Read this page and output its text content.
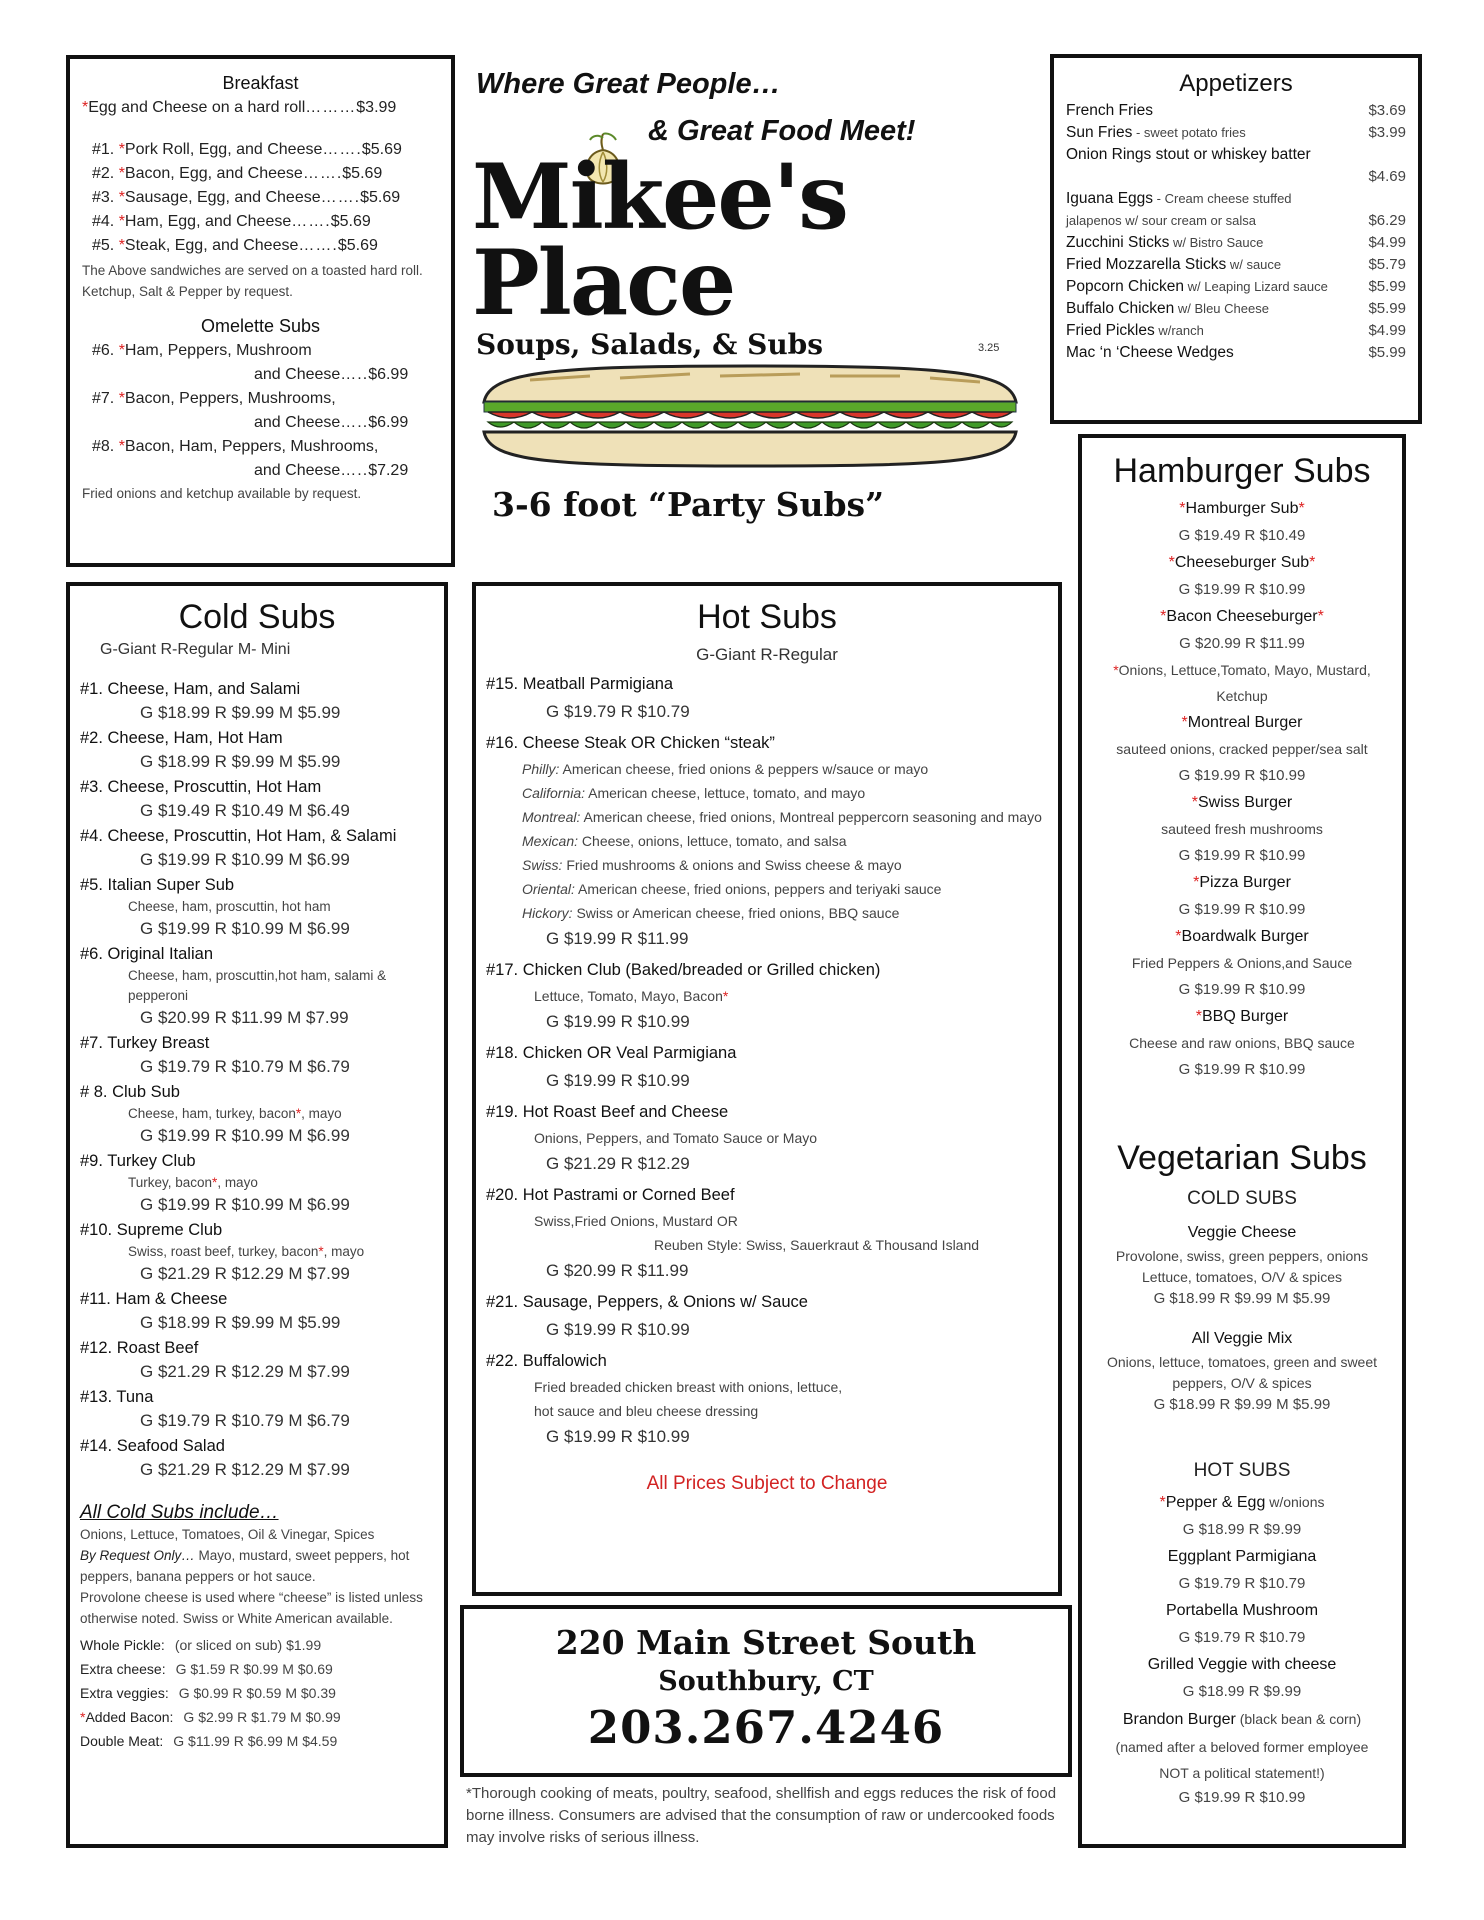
Breakfast
*Egg and Cheese on a hard roll………$3.99
#1. *Pork Roll, Egg, and Cheese…….$5.69
#2. *Bacon, Egg, and Cheese…….$5.69
#3. *Sausage, Egg, and Cheese…….$5.69
#4. *Ham, Egg, and Cheese…….$5.69
#5. *Steak, Egg, and Cheese…….$5.69
The Above sandwiches are served on a toasted hard roll. Ketchup, Salt & Pepper by request.
Omelette Subs
#6. *Ham, Peppers, Mushroom
and Cheese…..$6.99
#7. *Bacon, Peppers, Mushrooms,
and Cheese…..$6.99
#8. *Bacon, Ham, Peppers, Mushrooms,
and Cheese…..$7.29
Fried onions and ketchup available by request.
Where Great People…
& Great Food Meet!
Mikee's
Place
Soups, Salads, & Subs	3.25
3-6 foot “Party Subs”
Appetizers
French Fries	$3.69
Sun Fries - sweet potato fries	$3.99
Onion Rings stout or whiskey batter
$4.69
Iguana Eggs - Cream cheese stuffed jalapenos w/ sour cream or salsa	$6.29
Zucchini Sticks w/ Bistro Sauce	$4.99
Fried Mozzarella Sticks w/ sauce	$5.79
Popcorn Chicken w/ Leaping Lizard sauce	$5.99
Buffalo Chicken w/ Bleu Cheese	$5.99
Fried Pickles w/ranch	$4.99
Mac ‘n ‘Cheese Wedges	$5.99
Hamburger Subs
*Hamburger Sub*
G $19.49 R $10.49
*Cheeseburger Sub*
G $19.99 R $10.99
*Bacon Cheeseburger*
G $20.99 R $11.99
*Onions, Lettuce,Tomato, Mayo, Mustard, Ketchup
*Montreal Burger
sauteed onions, cracked pepper/sea salt
G $19.99 R $10.99
*Swiss Burger
sauteed fresh mushrooms
G $19.99 R $10.99
*Pizza Burger
G $19.99 R $10.99
*Boardwalk Burger
Fried Peppers & Onions,and Sauce
G $19.99 R $10.99
*BBQ Burger
Cheese and raw onions, BBQ sauce
G $19.99 R $10.99
Vegetarian Subs
COLD SUBS
Veggie Cheese
Provolone, swiss, green peppers, onions Lettuce, tomatoes, O/V & spices
G $18.99 R $9.99 M $5.99
All Veggie Mix
Onions, lettuce, tomatoes, green and sweet peppers, O/V & spices
G $18.99 R $9.99 M $5.99
HOT SUBS
*Pepper & Egg w/onions
G $18.99 R $9.99
Eggplant Parmigiana
G $19.79 R $10.79
Portabella Mushroom
G $19.79 R $10.79
Grilled Veggie with cheese
G $18.99 R $9.99
Brandon Burger (black bean & corn)
(named after a beloved former employee NOT a political statement!)
G $19.99 R $10.99
Cold Subs
G-Giant R-Regular M- Mini
#1. Cheese, Ham, and Salami
G $18.99 R $9.99 M $5.99
#2. Cheese, Ham, Hot Ham
G $18.99 R $9.99 M $5.99
#3. Cheese, Proscuttin, Hot Ham
G $19.49 R $10.49 M $6.49
#4. Cheese, Proscuttin, Hot Ham, & Salami
G $19.99 R $10.99 M $6.99
#5. Italian Super Sub
Cheese, ham, proscuttin, hot ham
G $19.99 R $10.99 M $6.99
#6. Original Italian
Cheese, ham, proscuttin,hot ham, salami & pepperoni
G $20.99 R $11.99 M $7.99
#7. Turkey Breast
G $19.79 R $10.79 M $6.79
# 8. Club Sub
Cheese, ham, turkey, bacon*, mayo
G $19.99 R $10.99 M $6.99
#9. Turkey Club
Turkey, bacon*, mayo
G $19.99 R $10.99 M $6.99
#10. Supreme Club
Swiss, roast beef, turkey, bacon*, mayo
G $21.29 R $12.29 M $7.99
#11. Ham & Cheese
G $18.99 R $9.99 M $5.99
#12. Roast Beef
G $21.29 R $12.29 M $7.99
#13. Tuna
G $19.79 R $10.79 M $6.79
#14. Seafood Salad
G $21.29 R $12.29 M $7.99
All Cold Subs include…
Onions, Lettuce, Tomatoes, Oil & Vinegar, Spices
By Request Only… Mayo, mustard, sweet peppers, hot peppers, banana peppers or hot sauce.
Provolone cheese is used where “cheese” is listed unless otherwise noted. Swiss or White American available.
Whole Pickle: (or sliced on sub) $1.99
Extra cheese: G $1.59 R $0.99 M $0.69
Extra veggies: G $0.99 R $0.59 M $0.39
*Added Bacon: G $2.99 R $1.79 M $0.99
Double Meat: G $11.99 R $6.99 M $4.59
Hot Subs
G-Giant R-Regular
#15. Meatball Parmigiana
G $19.79 R $10.79
#16. Cheese Steak OR Chicken “steak”
Philly: American cheese, fried onions & peppers w/sauce or mayo
California: American cheese, lettuce, tomato, and mayo
Montreal: American cheese, fried onions, Montreal peppercorn seasoning and mayo
Mexican: Cheese, onions, lettuce, tomato, and salsa
Swiss: Fried mushrooms & onions and Swiss cheese & mayo
Oriental: American cheese, fried onions, peppers and teriyaki sauce
Hickory: Swiss or American cheese, fried onions, BBQ sauce
G $19.99 R $11.99
#17. Chicken Club (Baked/breaded or Grilled chicken)
Lettuce, Tomato, Mayo, Bacon*
G $19.99 R $10.99
#18. Chicken OR Veal Parmigiana
G $19.99 R $10.99
#19. Hot Roast Beef and Cheese
Onions, Peppers, and Tomato Sauce or Mayo
G $21.29 R $12.29
#20. Hot Pastrami or Corned Beef
Swiss,Fried Onions, Mustard OR
Reuben Style: Swiss, Sauerkraut & Thousand Island
G $20.99 R $11.99
#21. Sausage, Peppers, & Onions w/ Sauce
G $19.99 R $10.99
#22. Buffalowich
Fried breaded chicken breast with onions, lettuce,
hot sauce and bleu cheese dressing
G $19.99 R $10.99
All Prices Subject to Change
220 Main Street South
Southbury, CT
203.267.4246
*Thorough cooking of meats, poultry, seafood, shellfish and eggs reduces the risk of food borne illness. Consumers are advised that the consumption of raw or undercooked foods may involve risks of serious illness.
